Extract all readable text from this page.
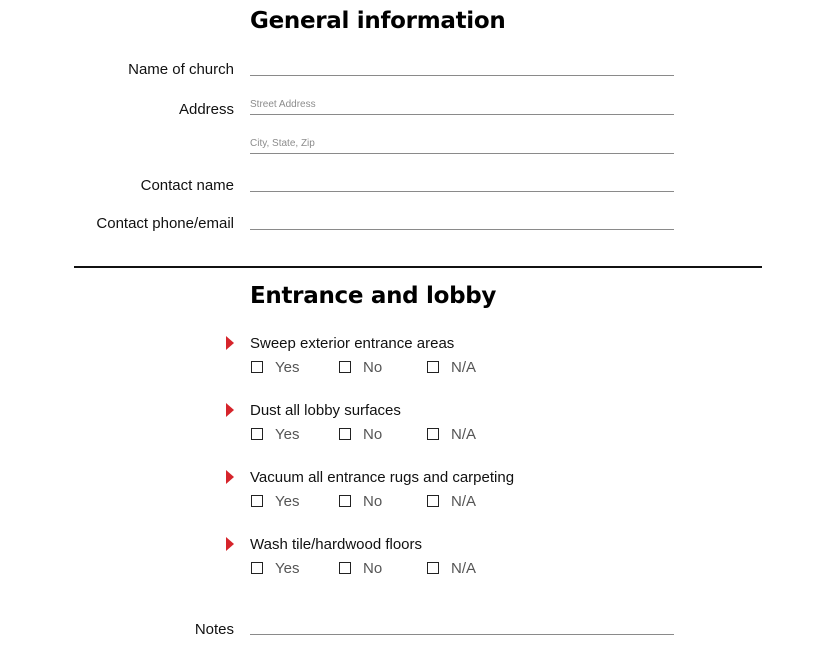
General information
Name of church
Address
Street Address
City, State, Zip
Contact name
Contact phone/email
Entrance and lobby
Sweep exterior entrance areas
Yes	No	N/A
Dust all lobby surfaces
Yes	No	N/A
Vacuum all entrance rugs and carpeting
Yes	No	N/A
Wash tile/hardwood floors
Yes	No	N/A
Notes
